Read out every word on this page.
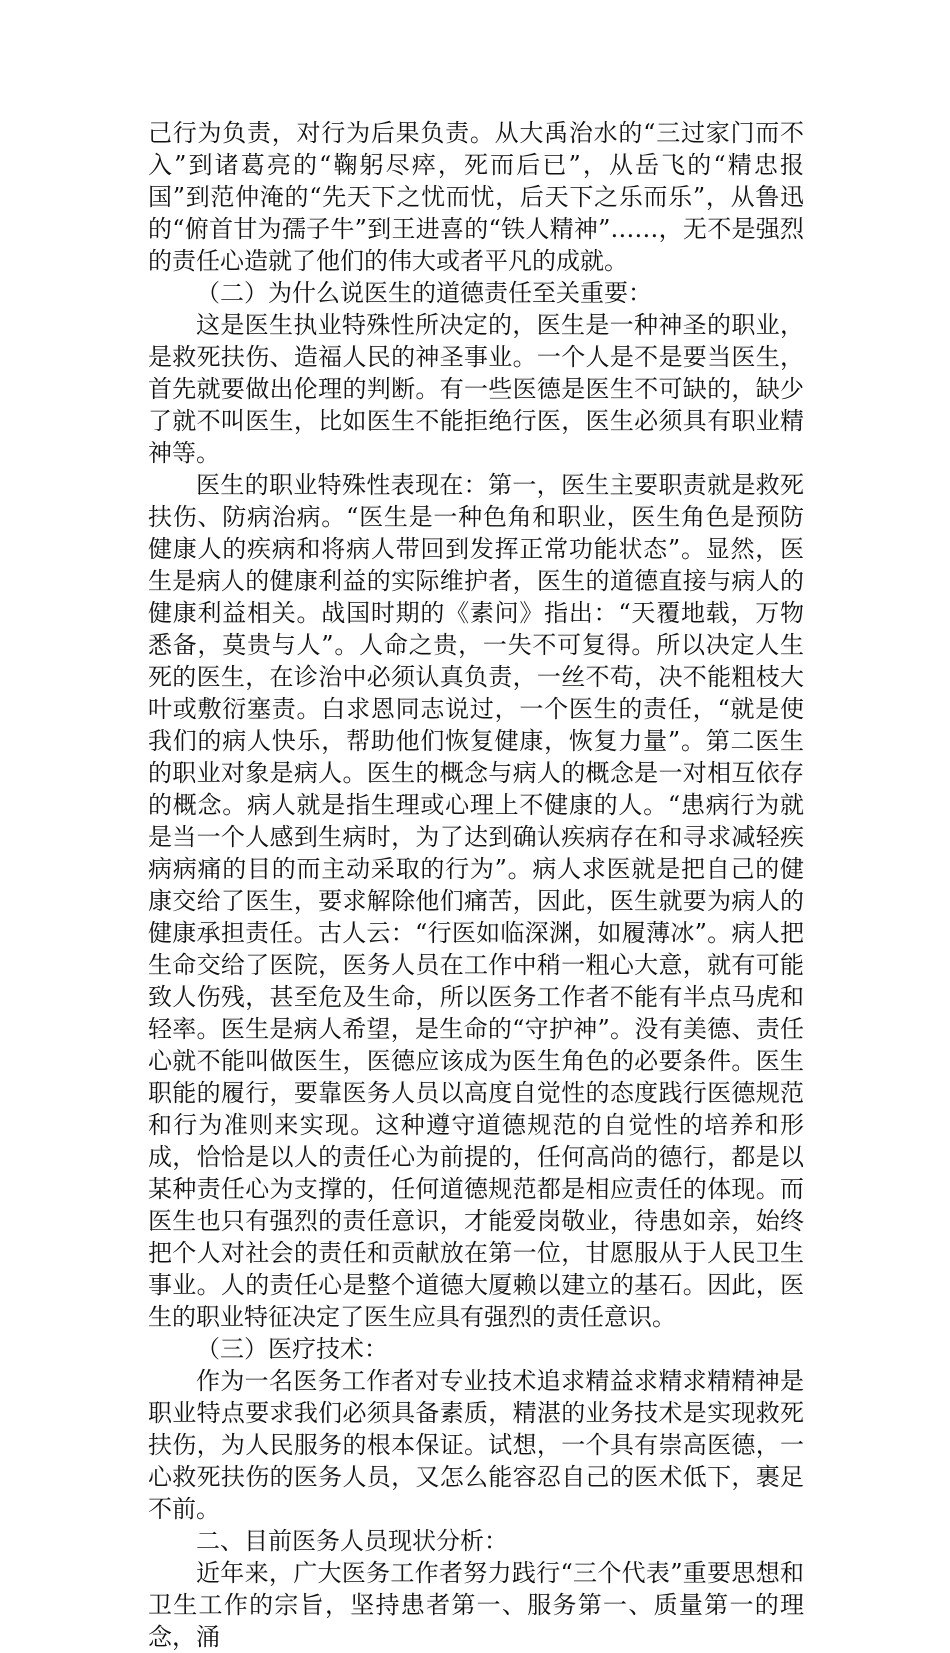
己行为负责，对行为后果负责。从大禹治水的“三过家门而不入”到诸葛亮的“鞠躬尽瘁，死而后已”，从岳飞的“精忠报国”到范仲淹的“先天下之忧而忧，后天下之乐而乐”，从鲁迅的“俯首甘为孺子牛”到王进喜的“铁人精神”……，无不是强烈的责任心造就了他们的伟大或者平凡的成就。

（二）为什么说医生的道德责任至关重要：

这是医生执业特殊性所决定的，医生是一种神圣的职业，是救死扶伤、造福人民的神圣事业。一个人是不是要当医生，首先就要做出伦理的判断。有一些医德是医生不可缺的，缺少了就不叫医生，比如医生不能拒绝行医，医生必须具有职业精神等。

医生的职业特殊性表现在：第一，医生主要职责就是救死扶伤、防病治病。“医生是一种色角和职业，医生角色是预防健康人的疾病和将病人带回到发挥正常功能状态”。显然，医生是病人的健康利益的实际维护者，医生的道德直接与病人的健康利益相关。战国时期的《素问》指出：“天覆地载，万物悉备，莫贵与人”。人命之贵，一失不可复得。所以决定人生死的医生，在诊治中必须认真负责，一丝不苟，决不能粗枝大叶或敷衍塞责。白求恩同志说过，一个医生的责任，“就是使我们的病人快乐，帮助他们恢复健康，恢复力量”。第二医生的职业对象是病人。医生的概念与病人的概念是一对相互依存的概念。病人就是指生理或心理上不健康的人。“患病行为就是当一个人感到生病时，为了达到确认疾病存在和寻求减轻疾病病痛的目的而主动采取的行为”。病人求医就是把自己的健康交给了医生，要求解除他们痛苦，因此，医生就要为病人的健康承担责任。古人云：“行医如临深渊，如履薄冰”。病人把生命交给了医院，医务人员在工作中稍一粗心大意，就有可能致人伤残，甚至危及生命，所以医务工作者不能有半点马虎和轻率。医生是病人希望，是生命的“守护神”。没有美德、责任心就不能叫做医生，医德应该成为医生角色的必要条件。医生职能的履行，要靠医务人员以高度自觉性的态度践行医德规范和行为准则来实现。这种遵守道德规范的自觉性的培养和形成，恰恰是以人的责任心为前提的，任何高尚的德行，都是以某种责任心为支撑的，任何道德规范都是相应责任的体现。而医生也只有强烈的责任意识，才能爱岗敬业，待患如亲，始终把个人对社会的责任和贡献放在第一位，甘愿服从于人民卫生事业。人的责任心是整个道德大厦赖以建立的基石。因此，医生的职业特征决定了医生应具有强烈的责任意识。

（三）医疗技术：

作为一名医务工作者对专业技术追求精益求精求精精神是职业特点要求我们必须具备素质，精湛的业务技术是实现救死扶伤，为人民服务的根本保证。试想，一个具有崇高医德，一心救死扶伤的医务人员，又怎么能容忍自己的医术低下，裹足不前。

二、目前医务人员现状分析：

近年来，广大医务工作者努力践行“三个代表”重要思想和卫生工作的宗旨，坚持患者第一、服务第一、质量第一的理念，涌
